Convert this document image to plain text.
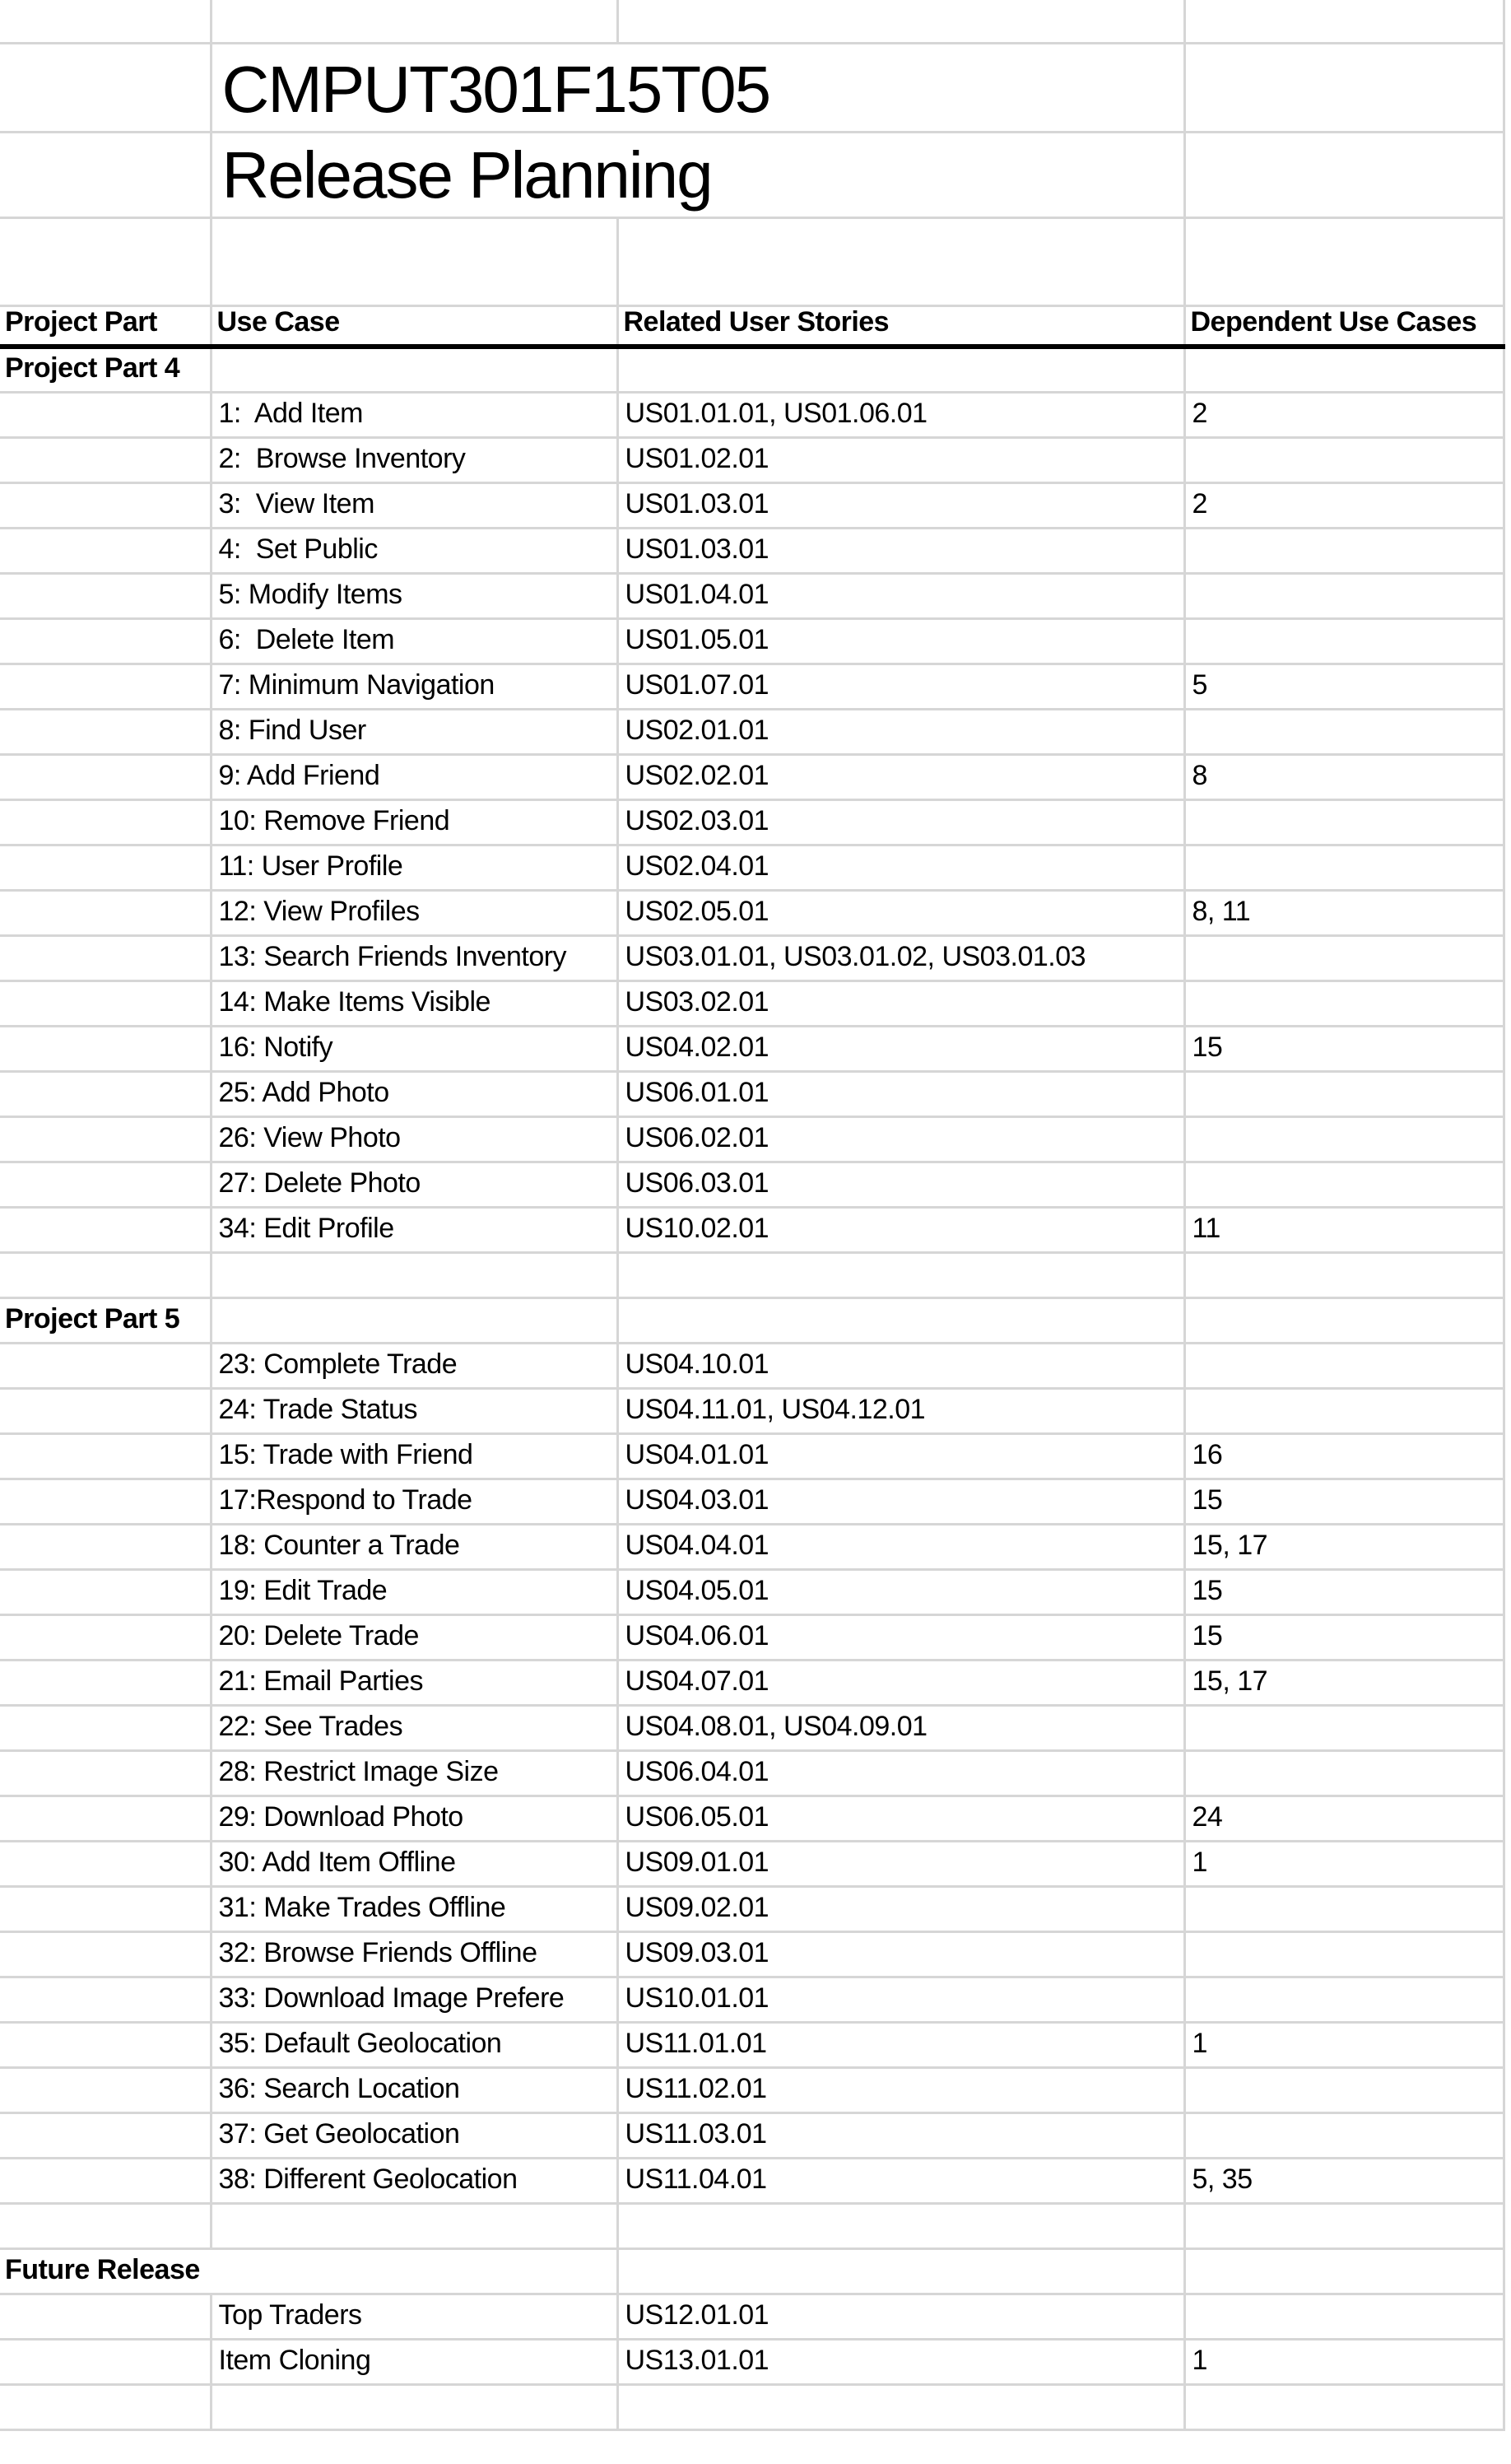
	CMPUT301F15T05		
	Release Planning		

Project Part	Use Case	Related User Stories	Dependent Use Cases
Project Part 4			
	1:  Add Item	US01.01.01, US01.06.01	2
	2:  Browse Inventory	US01.02.01	
	3:  View Item	US01.03.01	2
	4:  Set Public	US01.03.01	
	5: Modify Items	US01.04.01	
	6:  Delete Item	US01.05.01	
	7: Minimum Navigation	US01.07.01	5
	8: Find User	US02.01.01	
	9: Add Friend	US02.02.01	8
	10: Remove Friend	US02.03.01	
	11: User Profile	US02.04.01	
	12: View Profiles	US02.05.01	8, 11
	13: Search Friends Inventory	US03.01.01, US03.01.02, US03.01.03	
	14: Make Items Visible	US03.02.01	
	16: Notify	US04.02.01	15
	25: Add Photo	US06.01.01	
	26: View Photo	US06.02.01	
	27: Delete Photo	US06.03.01	
	34: Edit Profile	US10.02.01	11

Project Part 5			
	23: Complete Trade	US04.10.01	
	24: Trade Status	US04.11.01, US04.12.01	
	15: Trade with Friend	US04.01.01	16
	17:Respond to Trade	US04.03.01	15
	18: Counter a Trade	US04.04.01	15, 17
	19: Edit Trade	US04.05.01	15
	20: Delete Trade	US04.06.01	15
	21: Email Parties	US04.07.01	15, 17
	22: See Trades	US04.08.01, US04.09.01	
	28: Restrict Image Size	US06.04.01	
	29: Download Photo	US06.05.01	24
	30: Add Item Offline	US09.01.01	1
	31: Make Trades Offline	US09.02.01	
	32: Browse Friends Offline	US09.03.01	
	33: Download Image Prefere	US10.01.01	
	35: Default Geolocation	US11.01.01	1
	36: Search Location	US11.02.01	
	37: Get Geolocation	US11.03.01	
	38: Different Geolocation	US11.04.01	5, 35

Future Release			
	Top Traders	US12.01.01	
	Item Cloning	US13.01.01	1
